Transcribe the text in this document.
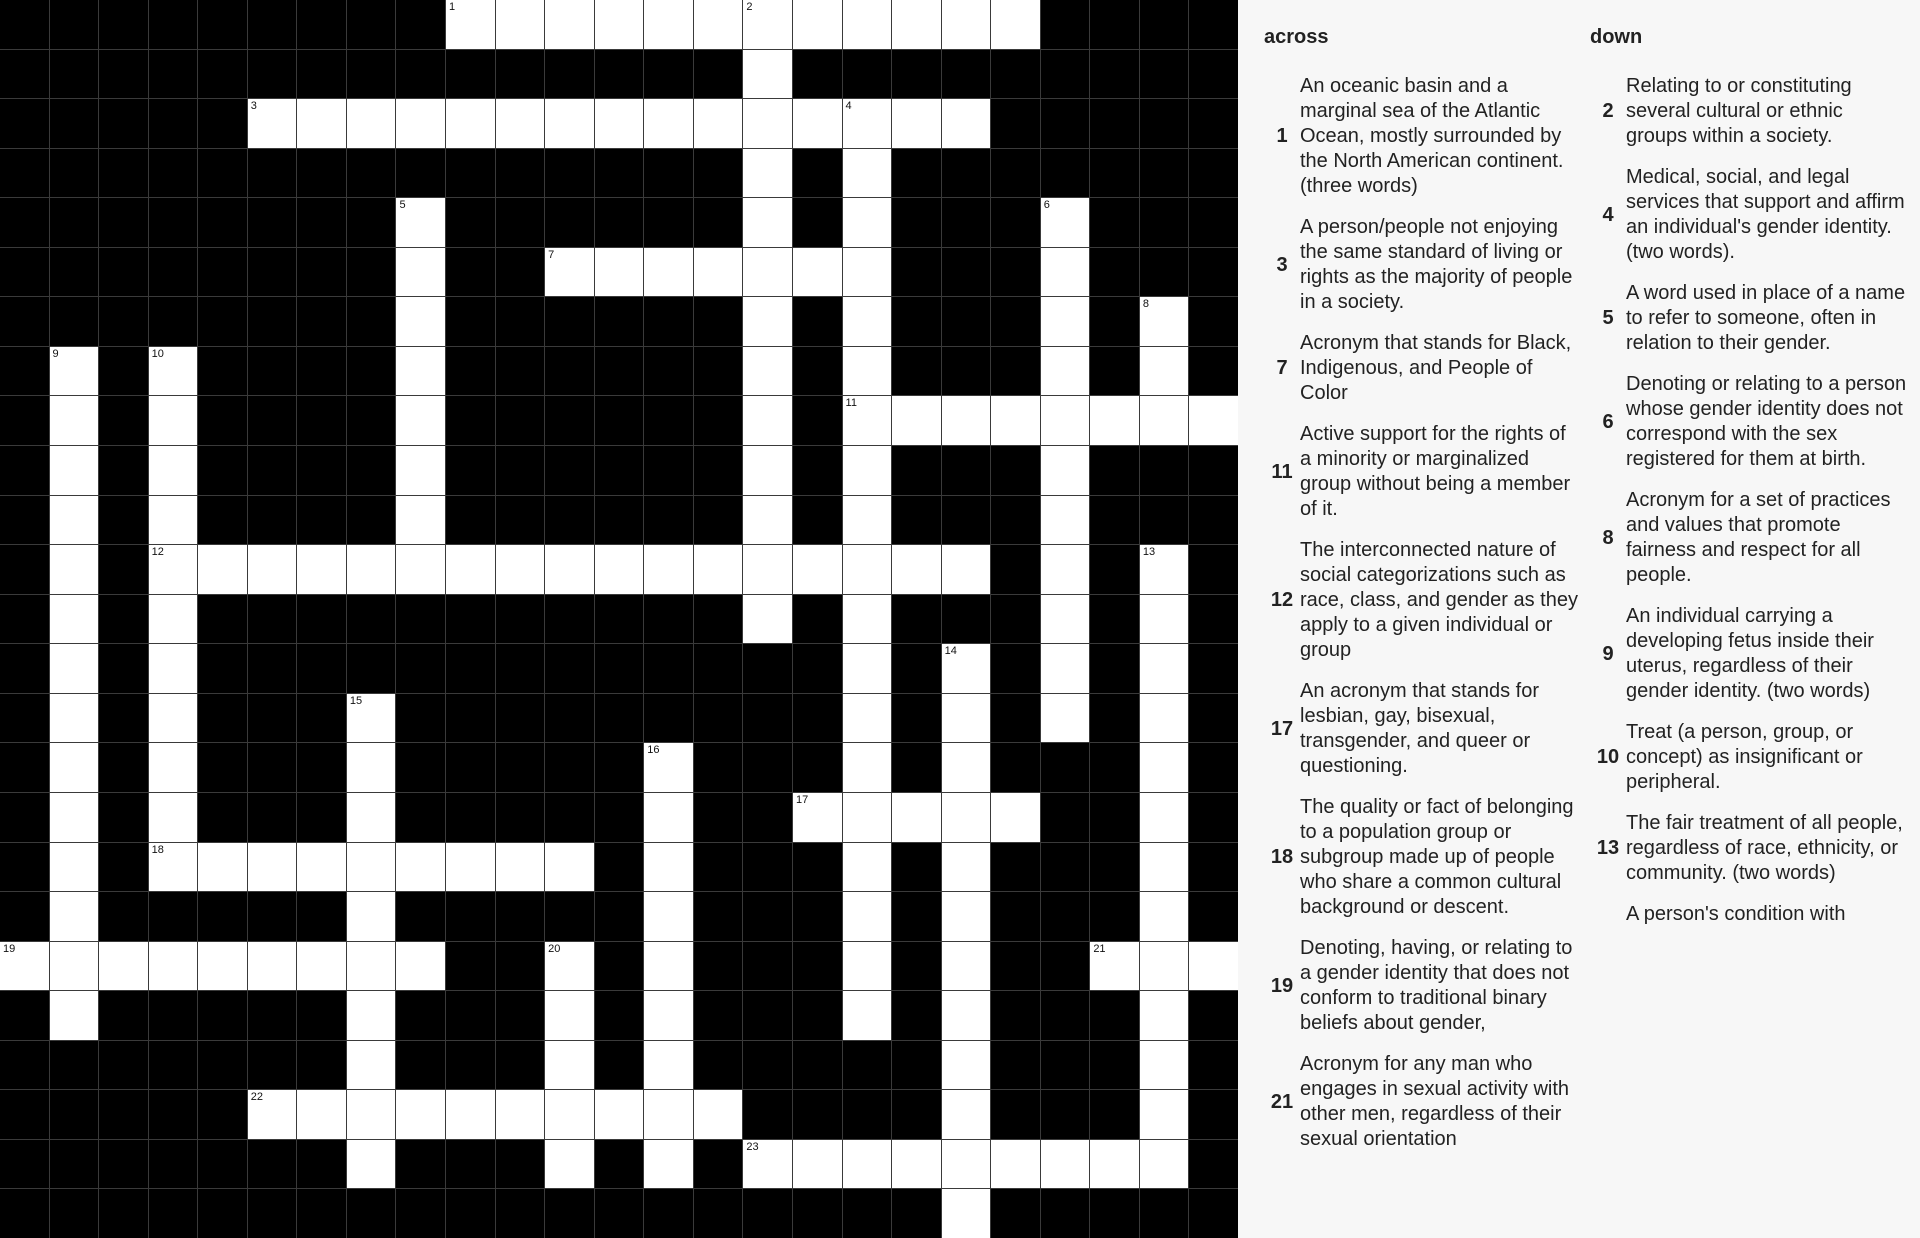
1	2
3	4
5	6
7
8
9	10
11
12	13
14
15
16
17
18
19	20	21
22
23
across
1
An oceanic basin and a marginal sea of the Atlantic Ocean, mostly surrounded by the North American continent. (three words)
3
A person/people not enjoying the same standard of living or rights as the majority of people in a society.
7
Acronym that stands for Black, Indigenous, and People of Color
11
Active support for the rights of a minority or marginalized group without being a member of it.
12
The interconnected nature of social categorizations such as race, class, and gender as they apply to a given individual or group
17
An acronym that stands for lesbian, gay, bisexual, transgender, and queer or questioning.
18
The quality or fact of belonging to a population group or subgroup made up of people who share a common cultural background or descent.
19
Denoting, having, or relating to a gender identity that does not conform to traditional binary beliefs about gender,
21
Acronym for any man who engages in sexual activity with other men, regardless of their sexual orientation
down
2
Relating to or constituting several cultural or ethnic groups within a society.
4
Medical, social, and legal services that support and affirm an individual's gender identity. (two words).
5
A word used in place of a name to refer to someone, often in relation to their gender.
6
Denoting or relating to a person whose gender identity does not correspond with the sex registered for them at birth.
8
Acronym for a set of practices and values that promote fairness and respect for all people.
9
An individual carrying a developing fetus inside their uterus, regardless of their gender identity. (two words)
10
Treat (a person, group, or concept) as insignificant or peripheral.
13
The fair treatment of all people, regardless of race, ethnicity, or community. (two words)
A person's condition with
